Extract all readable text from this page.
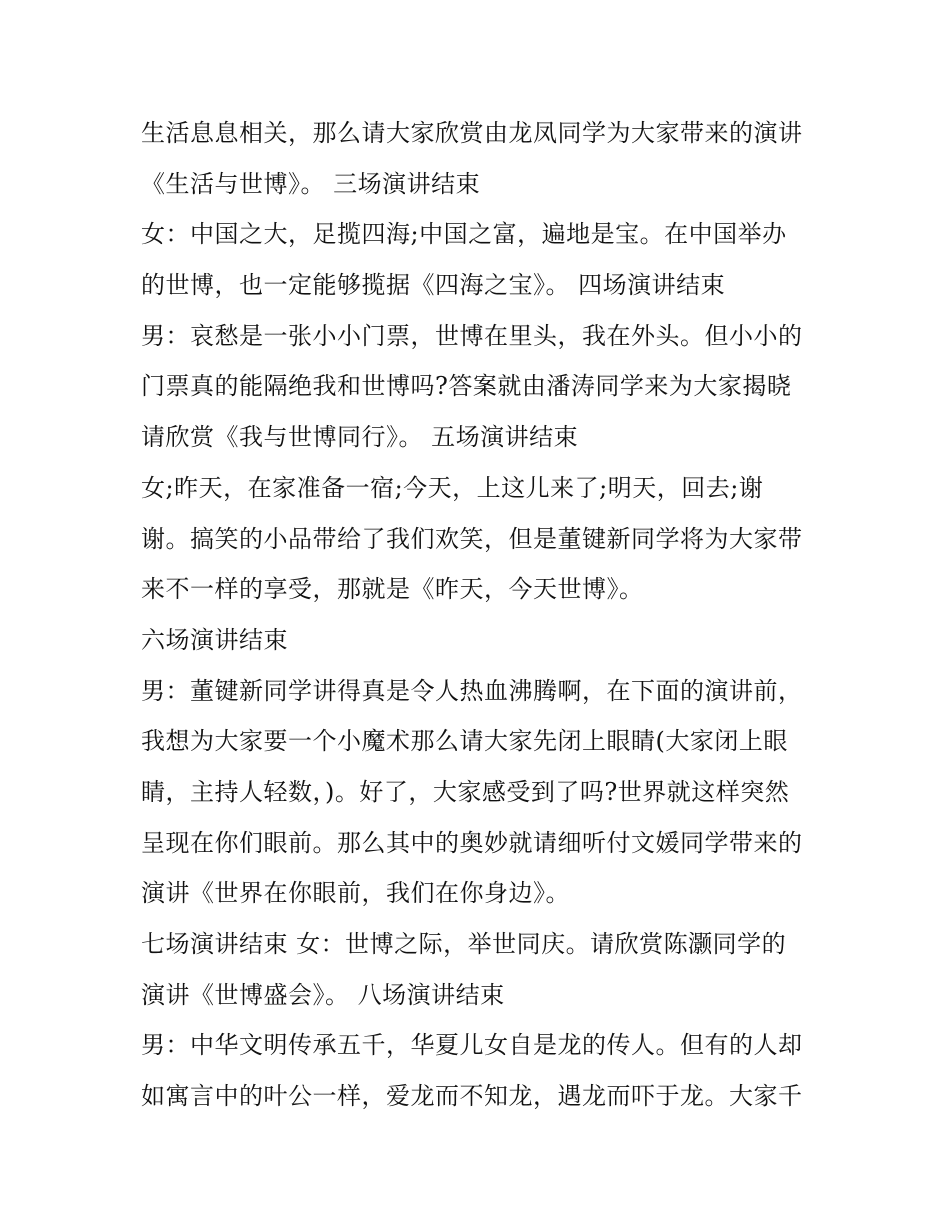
生活息息相关，那么请大家欣赏由龙凤同学为大家带来的演讲
《生活与世博》。 三场演讲结束
女：中国之大，足揽四海;中国之富，遍地是宝。在中国举办
的世博，也一定能够揽据《四海之宝》。 四场演讲结束
男：哀愁是一张小小门票，世博在里头，我在外头。但小小的
门票真的能隔绝我和世博吗?答案就由潘涛同学来为大家揭晓
请欣赏《我与世博同行》。 五场演讲结束
女;昨天，在家准备一宿;今天，上这儿来了;明天，回去;谢
谢。搞笑的小品带给了我们欢笑，但是董键新同学将为大家带
来不一样的享受，那就是《昨天，今天世博》。
六场演讲结束
男：董键新同学讲得真是令人热血沸腾啊，在下面的演讲前，
我想为大家要一个小魔术那么请大家先闭上眼睛(大家闭上眼
睛，主持人轻数，)。好了，大家感受到了吗?世界就这样突然
呈现在你们眼前。那么其中的奥妙就请细听付文媛同学带来的
演讲《世界在你眼前，我们在你身边》。
七场演讲结束 女：世博之际，举世同庆。请欣赏陈灏同学的
演讲《世博盛会》。 八场演讲结束
男：中华文明传承五千，华夏儿女自是龙的传人。但有的人却
如寓言中的叶公一样，爱龙而不知龙，遇龙而吓于龙。大家千
